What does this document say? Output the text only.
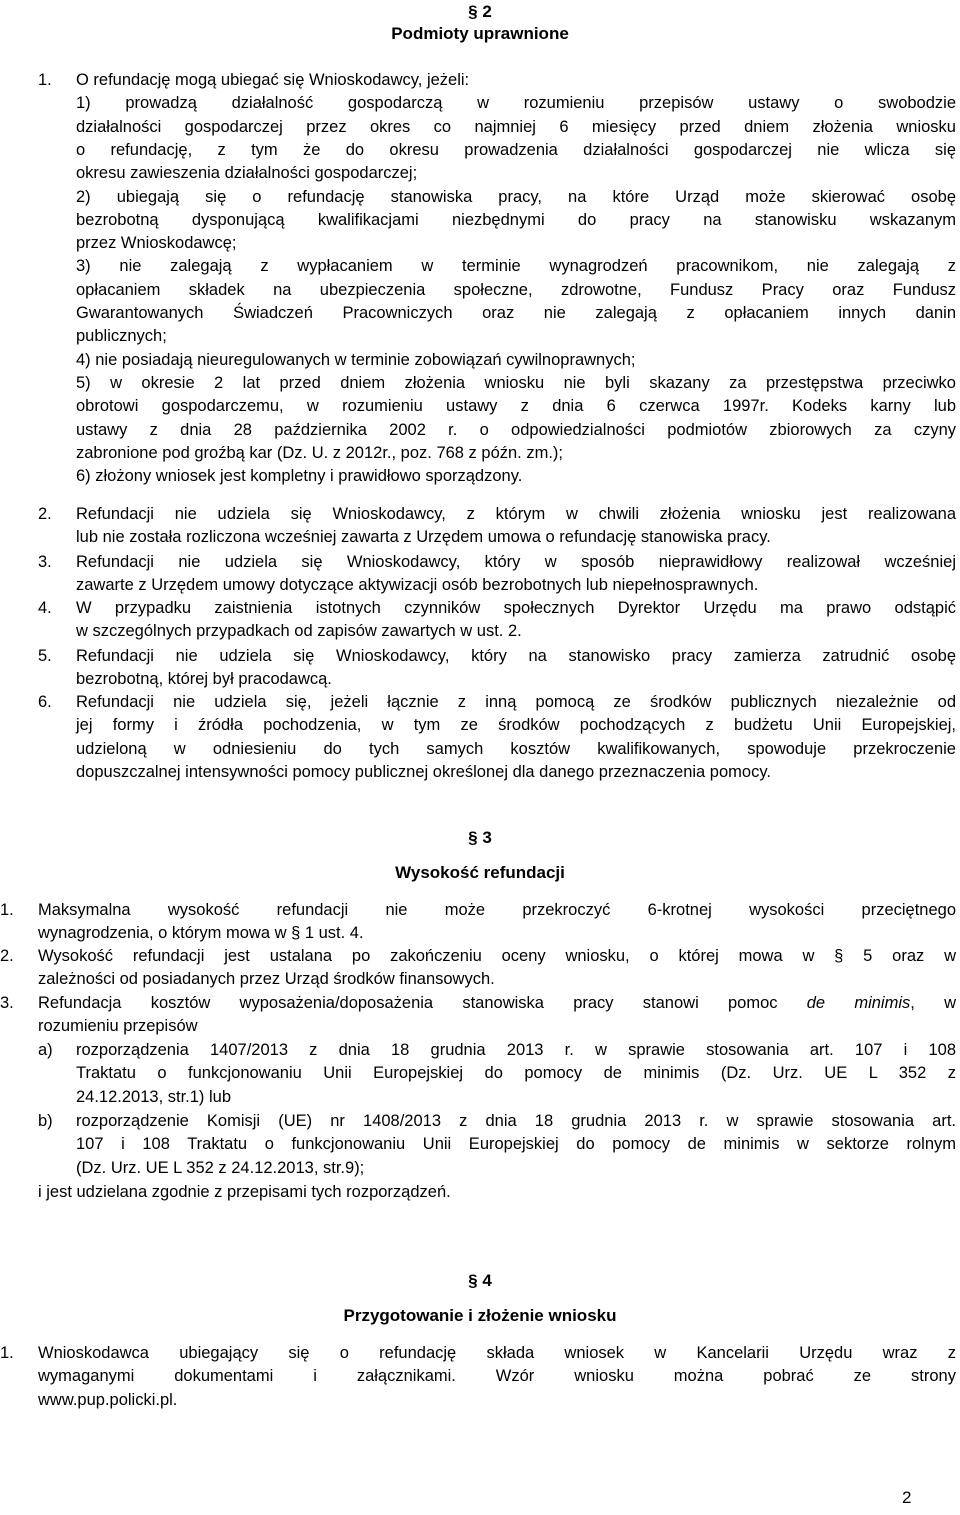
§ 2
Podmioty uprawnione
1. O refundację mogą ubiegać się Wnioskodawcy, jeżeli:
1) prowadzą działalność gospodarczą w rozumieniu przepisów ustawy o swobodzie
działalności gospodarczej przez okres co najmniej 6 miesięcy przed dniem złożenia wniosku
o refundację, z tym że do okresu prowadzenia działalności gospodarczej nie wlicza się
okresu zawieszenia działalności gospodarczej;
2) ubiegają się o refundację stanowiska pracy, na które Urząd może skierować osobę
bezrobotną dysponującą kwalifikacjami niezbędnymi do pracy na stanowisku wskazanym
przez Wnioskodawcę;
3) nie zalegają z wypłacaniem w terminie wynagrodzeń pracownikom, nie zalegają z
opłacaniem składek na ubezpieczenia społeczne, zdrowotne, Fundusz Pracy oraz Fundusz
Gwarantowanych Świadczeń Pracowniczych oraz nie zalegają z opłacaniem innych danin
publicznych;
4) nie posiadają nieuregulowanych w terminie zobowiązań cywilnoprawnych;
5) w okresie 2 lat przed dniem złożenia wniosku nie byli skazany za przestępstwa przeciwko
obrotowi gospodarczemu, w rozumieniu ustawy z dnia 6 czerwca 1997r. Kodeks karny lub
ustawy z dnia 28 października 2002 r. o odpowiedzialności podmiotów zbiorowych za czyny
zabronione pod groźbą kar (Dz. U. z 2012r., poz. 768 z późn. zm.);
6) złożony wniosek jest kompletny i prawidłowo sporządzony.
2. Refundacji nie udziela się Wnioskodawcy, z którym w chwili złożenia wniosku jest realizowana
lub nie została rozliczona wcześniej zawarta z Urzędem umowa o refundację stanowiska pracy.
3. Refundacji nie udziela się Wnioskodawcy, który w sposób nieprawidłowy realizował wcześniej
zawarte z Urzędem umowy dotyczące aktywizacji osób bezrobotnych lub niepełnosprawnych.
4. W przypadku zaistnienia istotnych czynników społecznych Dyrektor Urzędu ma prawo odstąpić
w szczególnych przypadkach od zapisów zawartych w ust. 2.
5. Refundacji nie udziela się Wnioskodawcy, który na stanowisko pracy zamierza zatrudnić osobę
bezrobotną, której był pracodawcą.
6. Refundacji nie udziela się, jeżeli łącznie z inną pomocą ze środków publicznych niezależnie od
jej formy i źródła pochodzenia, w tym ze środków pochodzących z budżetu Unii Europejskiej,
udzieloną w odniesieniu do tych samych kosztów kwalifikowanych, spowoduje przekroczenie
dopuszczalnej intensywności pomocy publicznej określonej dla danego przeznaczenia pomocy.
§ 3
Wysokość refundacji
1. Maksymalna wysokość refundacji nie może przekroczyć 6-krotnej wysokości przeciętnego
wynagrodzenia, o którym mowa w § 1 ust. 4.
2. Wysokość refundacji jest ustalana po zakończeniu oceny wniosku, o której mowa w § 5 oraz w
zależności od posiadanych przez Urząd środków finansowych.
3. Refundacja kosztów wyposażenia/doposażenia stanowiska pracy stanowi pomoc de minimis, w
rozumieniu przepisów
a) rozporządzenia 1407/2013 z dnia 18 grudnia 2013 r. w sprawie stosowania art. 107 i 108
Traktatu o funkcjonowaniu Unii Europejskiej do pomocy de minimis (Dz. Urz. UE L 352 z
24.12.2013, str.1) lub
b) rozporządzenie Komisji (UE) nr 1408/2013 z dnia 18 grudnia 2013 r. w sprawie stosowania art.
107 i 108 Traktatu o funkcjonowaniu Unii Europejskiej do pomocy de minimis w sektorze rolnym
(Dz. Urz. UE L 352 z 24.12.2013, str.9);
i jest udzielana zgodnie z przepisami tych rozporządzeń.
§ 4
Przygotowanie i złożenie wniosku
1. Wnioskodawca ubiegający się o refundację składa wniosek w Kancelarii Urzędu wraz z
wymaganymi dokumentami i załącznikami. Wzór wniosku można pobrać ze strony
www.pup.policki.pl.
2
